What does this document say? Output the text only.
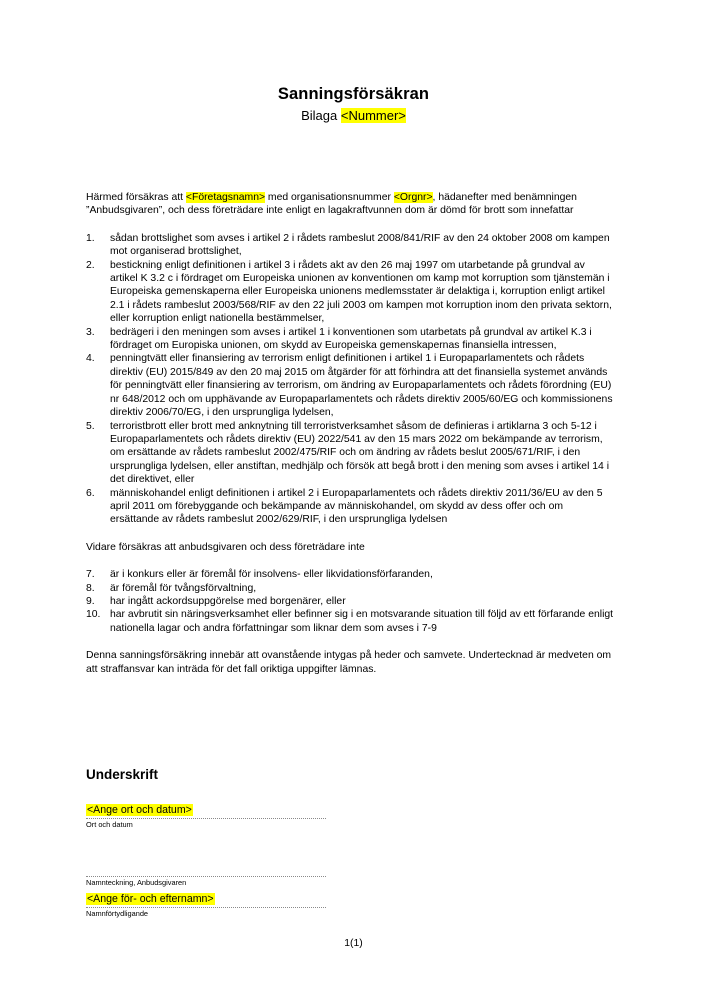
Sanningsförsäkran

Bilaga <Nummer>

Härmed försäkras att <Företagsnamn> med organisationsnummer <Orgnr>, hädanefter med benämningen ”Anbudsgivaren”, och dess företrädare inte enligt en lagakraftvunnen dom är dömd för brott som innefattar

1.	sådan brottslighet som avses i artikel 2 i rådets rambeslut 2008/841/RIF av den 24 oktober 2008 om kampen mot organiserad brottslighet,
2.	bestickning enligt definitionen i artikel 3 i rådets akt av den 26 maj 1997 om utarbetande på grundval av artikel K 3.2 c i fördraget om Europeiska unionen av konventionen om kamp mot korruption som tjänstemän i Europeiska gemenskaperna eller Europeiska unionens medlemsstater är delaktiga i, korruption enligt artikel 2.1 i rådets rambeslut 2003/568/RIF av den 22 juli 2003 om kampen mot korruption inom den privata sektorn, eller korruption enligt nationella bestämmelser,
3.	bedrägeri i den meningen som avses i artikel 1 i konventionen som utarbetats på grundval av artikel K.3 i fördraget om Europiska unionen, om skydd av Europeiska gemenskapernas finansiella intressen,
4.	penningtvätt eller finansiering av terrorism enligt definitionen i artikel 1 i Europaparlamentets och rådets direktiv (EU) 2015/849 av den 20 maj 2015 om åtgärder för att förhindra att det finansiella systemet används för penningtvätt eller finansiering av terrorism, om ändring av Europaparlamentets och rådets förordning (EU) nr 648/2012 och om upphävande av Europaparlamentets och rådets direktiv 2005/60/EG och kommissionens direktiv 2006/70/EG, i den ursprungliga lydelsen,
5.	terroristbrott eller brott med anknytning till terroristverksamhet såsom de definieras i artiklarna 3 och 5-12 i Europaparlamentets och rådets direktiv (EU) 2022/541 av den 15 mars 2022 om bekämpande av terrorism, om ersättande av rådets rambeslut 2002/475/RIF och om ändring av rådets beslut 2005/671/RIF, i den ursprungliga lydelsen, eller anstiftan, medhjälp och försök att begå brott i den mening som avses i artikel 14 i det direktivet, eller
6.	människohandel enligt definitionen i artikel 2 i Europaparlamentets och rådets direktiv 2011/36/EU av den 5 april 2011 om förebyggande och bekämpande av människohandel, om skydd av dess offer och om ersättande av rådets rambeslut 2002/629/RIF, i den ursprungliga lydelsen

Vidare försäkras att anbudsgivaren och dess företrädare inte

7.	är i konkurs eller är föremål för insolvens- eller likvidationsförfaranden,
8.	är föremål för tvångsförvaltning,
9.	har ingått ackordsuppgörelse med borgenärer, eller
10. har avbrutit sin näringsverksamhet eller befinner sig i en motsvarande situation till följd av ett förfarande enligt nationella lagar och andra författningar som liknar dem som avses i 7-9

Denna sanningsförsäkring innebär att ovanstående intygas på heder och samvete. Undertecknad är medveten om att straffansvar kan inträda för det fall oriktiga uppgifter lämnas.

Underskrift
<Ange ort och datum>
Ort och datum
Namnteckning, Anbudsgivaren
<Ange för- och efternamn>
Namnförtydligande
1(1)
